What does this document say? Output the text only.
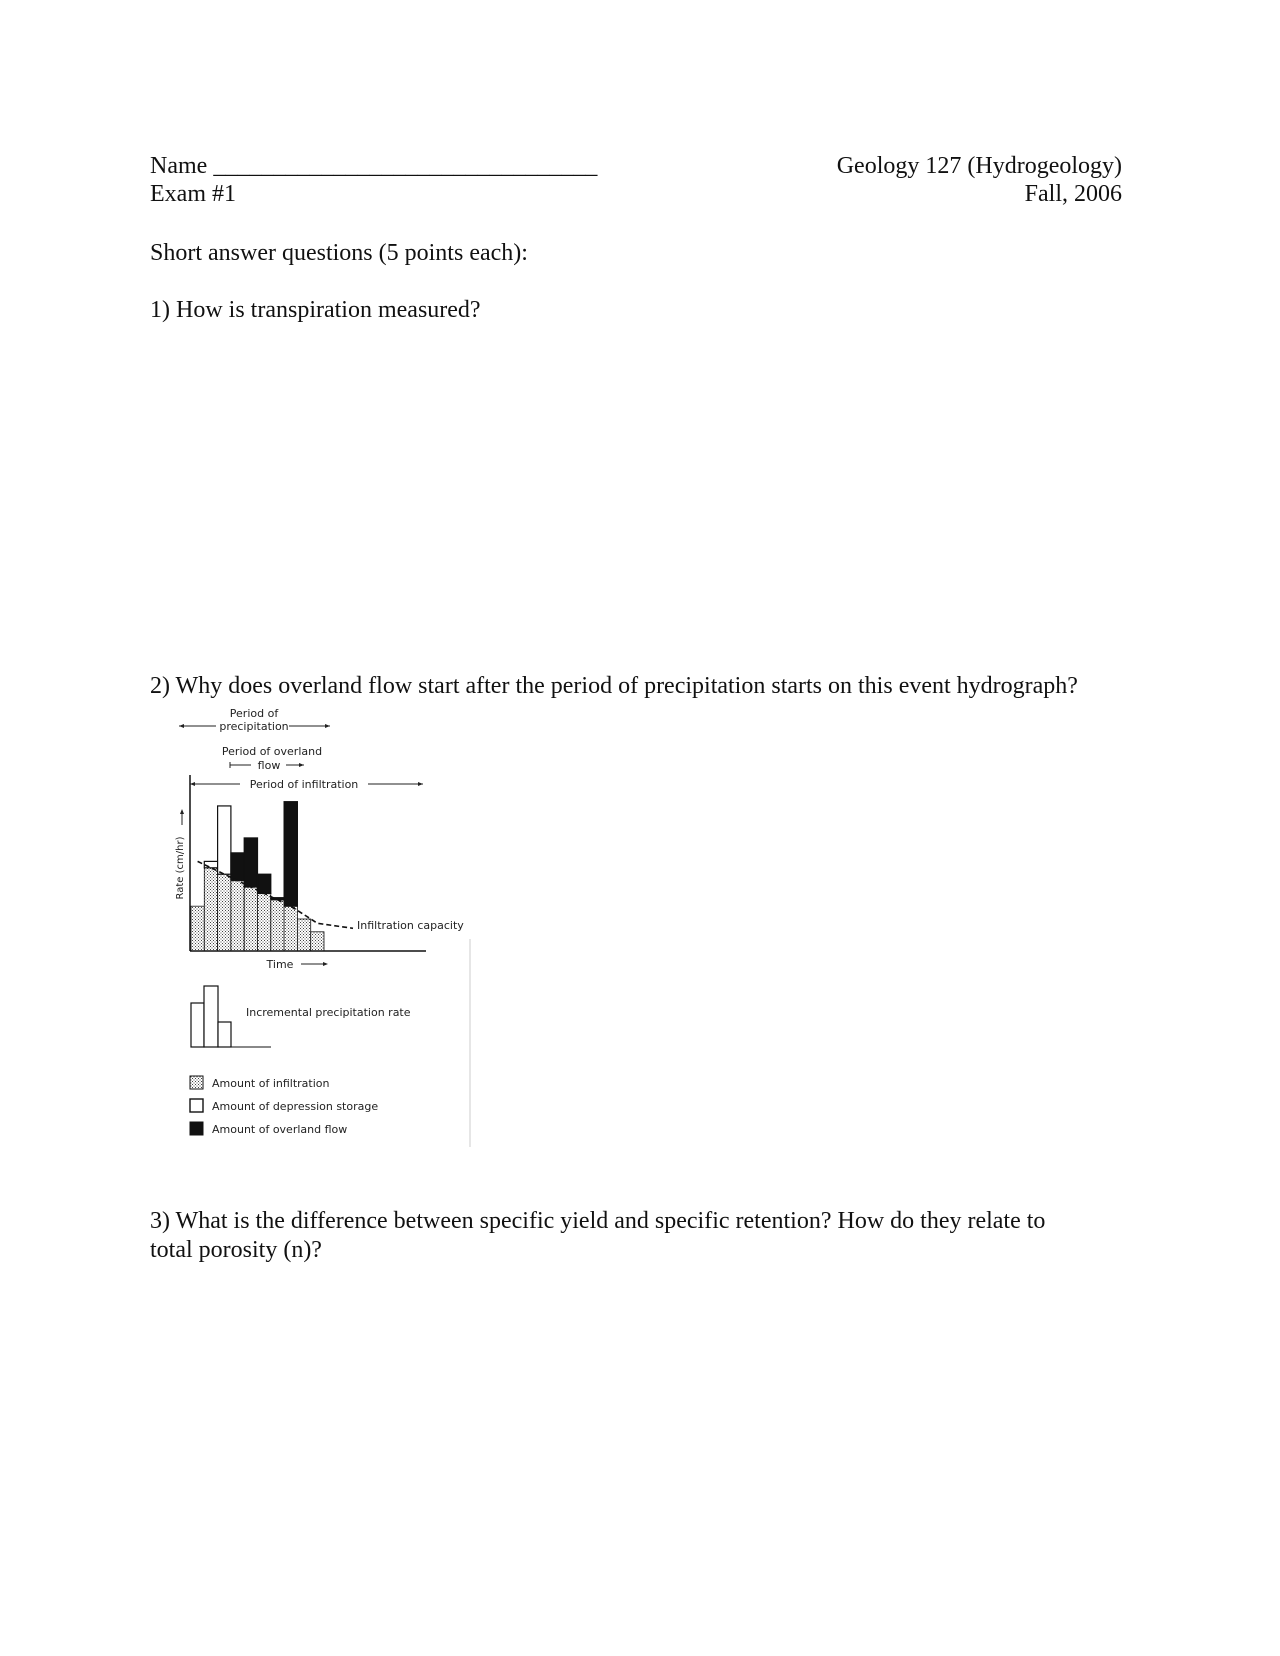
Name ________________________________
Exam #1
Geology 127 (Hydrogeology)
Fall, 2006
Short answer questions (5 points each):
1) How is transpiration measured?
2) Why does overland flow start after the period of precipitation starts on this event hydrograph?
Period of
precipitation
Period of overland
flow
Period of infiltration
Rate (cm/hr)
Infiltration capacity
Time
Incremental precipitation rate
Amount of infiltration
Amount of depression storage
Amount of overland flow
3) What is the difference between specific yield and specific retention? How do they relate to
total porosity (n)?
